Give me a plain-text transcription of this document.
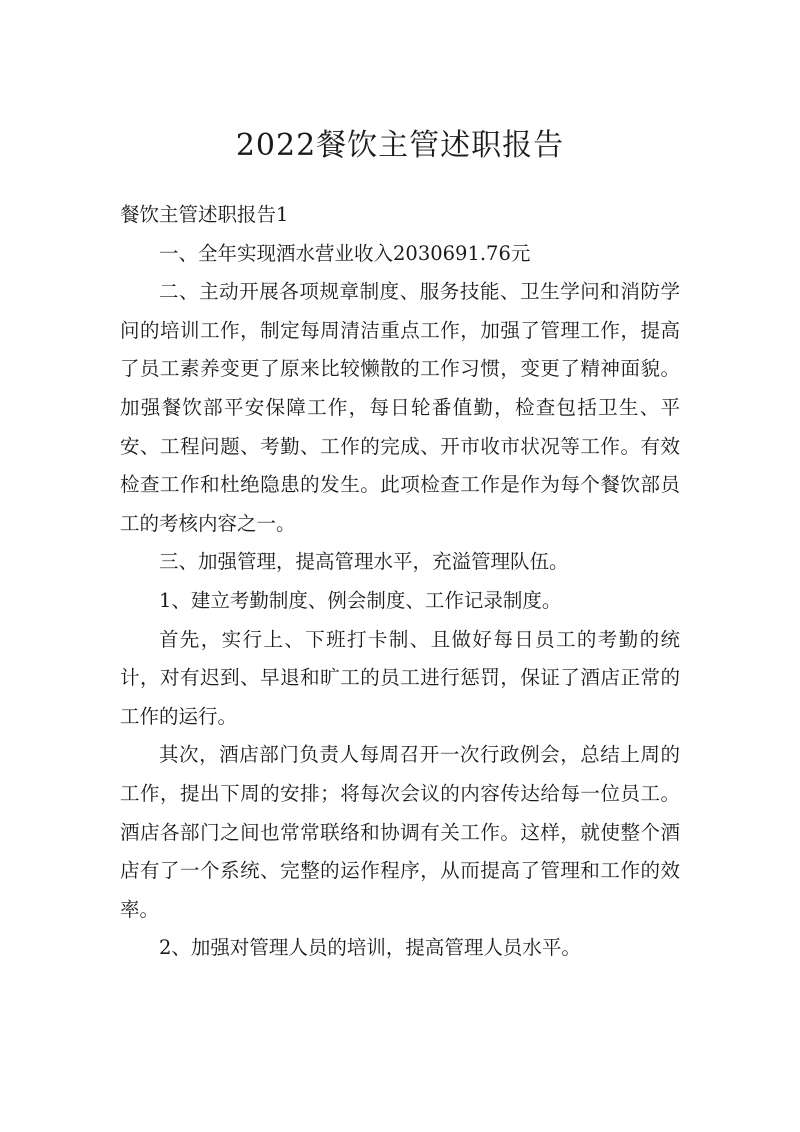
2022餐饮主管述职报告

餐饮主管述职报告1

一、全年实现酒水营业收入2030691.76元

二、主动开展各项规章制度、服务技能、卫生学问和消防学问的培训工作，制定每周清洁重点工作，加强了管理工作，提高了员工素养变更了原来比较懒散的工作习惯，变更了精神面貌。加强餐饮部平安保障工作，每日轮番值勤，检查包括卫生、平安、工程问题、考勤、工作的完成、开市收市状况等工作。有效检查工作和杜绝隐患的发生。此项检查工作是作为每个餐饮部员工的考核内容之一。

三、加强管理，提高管理水平，充溢管理队伍。

1、建立考勤制度、例会制度、工作记录制度。

首先，实行上、下班打卡制、且做好每日员工的考勤的统计，对有迟到、早退和旷工的员工进行惩罚，保证了酒店正常的工作的运行。

其次，酒店部门负责人每周召开一次行政例会，总结上周的工作，提出下周的安排；将每次会议的内容传达给每一位员工。酒店各部门之间也常常联络和协调有关工作。这样，就使整个酒店有了一个系统、完整的运作程序，从而提高了管理和工作的效率。

2、加强对管理人员的培训，提高管理人员水平。
